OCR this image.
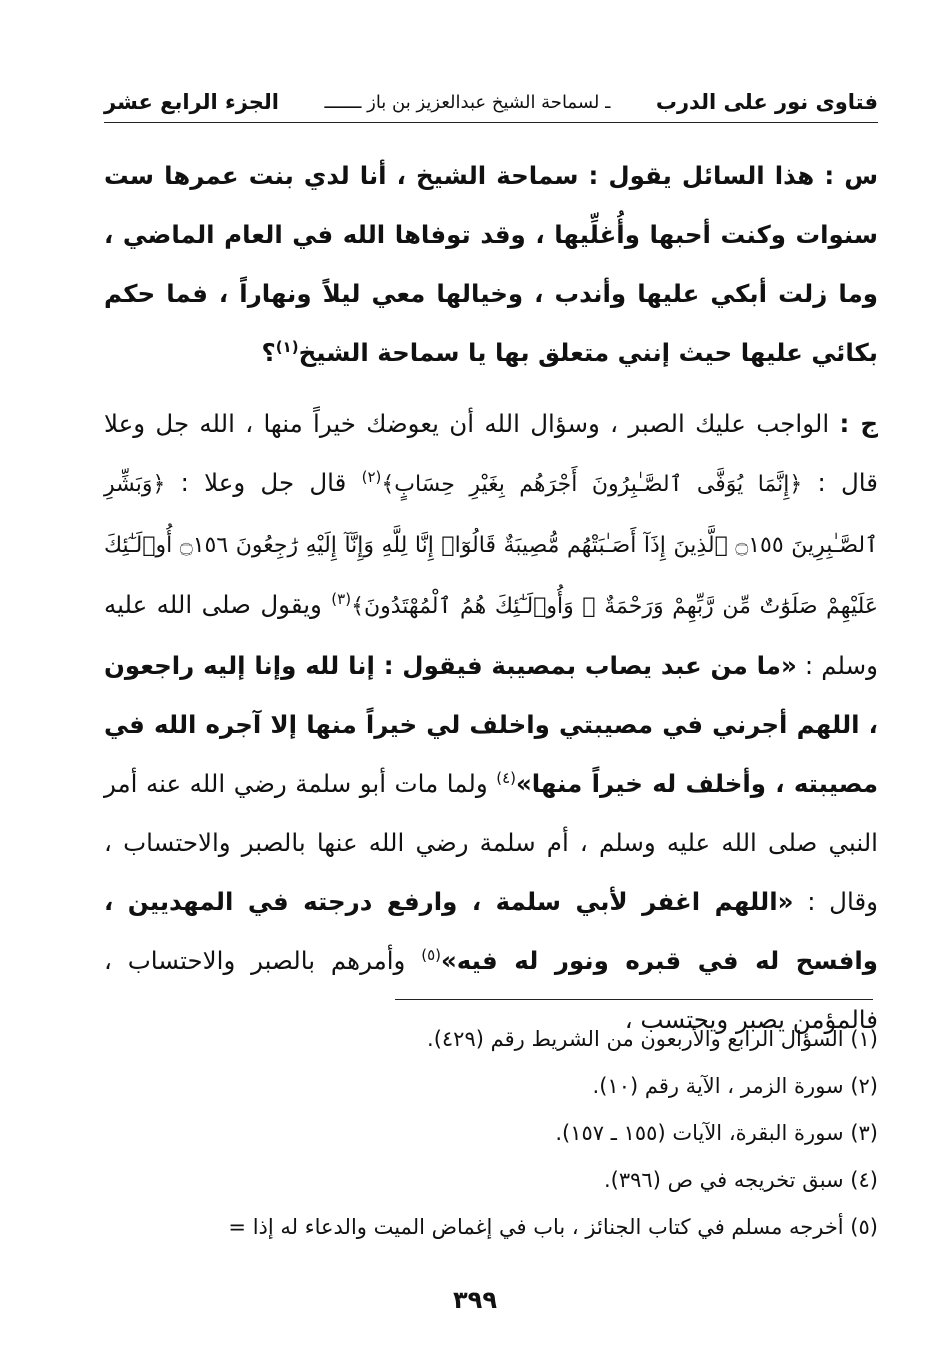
فتاوى نور على الدرب
ـ لسماحة الشيخ عبدالعزيز بن باز ـــــــ
الجزء الرابع عشر

س : هذا السائل يقول : سماحة الشيخ ، أنا لدي بنت عمرها ست سنوات وكنت أحبها وأُغلِّيها ، وقد توفاها الله في العام الماضي ، وما زلت أبكي عليها وأندب ، وخيالها معي ليلاً ونهاراً ، فما حكم بكائي عليها حيث إنني متعلق بها يا سماحة الشيخ$^{(١)}$؟

ج : الواجب عليك الصبر ، وسؤال الله أن يعوضك خيراً منها ، الله جل وعلا قال : ﴿إِنَّمَا يُوَفَّى ٱلصَّـٰبِرُونَ أَجْرَهُم بِغَيْرِ حِسَابٍ﴾$^{(٢)}$ قال جل وعلا : ﴿وَبَشِّرِ ٱلصَّـٰبِرِينَ ۝١٥٥ ٱلَّذِينَ إِذَآ أَصَـٰبَتْهُم مُّصِيبَةٌ قَالُوٓا۟ إِنَّا لِلَّهِ وَإِنَّآ إِلَيْهِ رَٰجِعُونَ ۝١٥٦ أُو۟لَـٰٓئِكَ عَلَيْهِمْ صَلَوَٰتٌ مِّن رَّبِّهِمْ وَرَحْمَةٌ ۖ وَأُو۟لَـٰٓئِكَ هُمُ ٱلْمُهْتَدُونَ﴾$^{(٣)}$ ويقول صلى الله عليه وسلم : «ما من عبد يصاب بمصيبة فيقول : إنا لله وإنا إليه راجعون ، اللهم أجرني في مصيبتي واخلف لي خيراً منها إلا آجره الله في مصيبته ، وأخلف له خيراً منها»$^{(٤)}$ ولما مات أبو سلمة رضي الله عنه أمر النبي صلى الله عليه وسلم ، أم سلمة رضي الله عنها بالصبر والاحتساب ، وقال : «اللهم اغفر لأبي سلمة ، وارفع درجته في المهديين ، وافسح له في قبره ونور له فيه»$^{(٥)}$ وأمرهم بالصبر والاحتساب ، فالمؤمن يصبر ويحتسب ،

(١) السؤال الرابع والأربعون من الشريط رقم (٤٢٩).
(٢) سورة الزمر ، الآية رقم (١٠).
(٣) سورة البقرة، الآيات (١٥٥ ـ ١٥٧).
(٤) سبق تخريجه في ص (٣٩٦).
(٥) أخرجه مسلم في كتاب الجنائز ، باب في إغماض الميت والدعاء له إذا =
٣٩٩
